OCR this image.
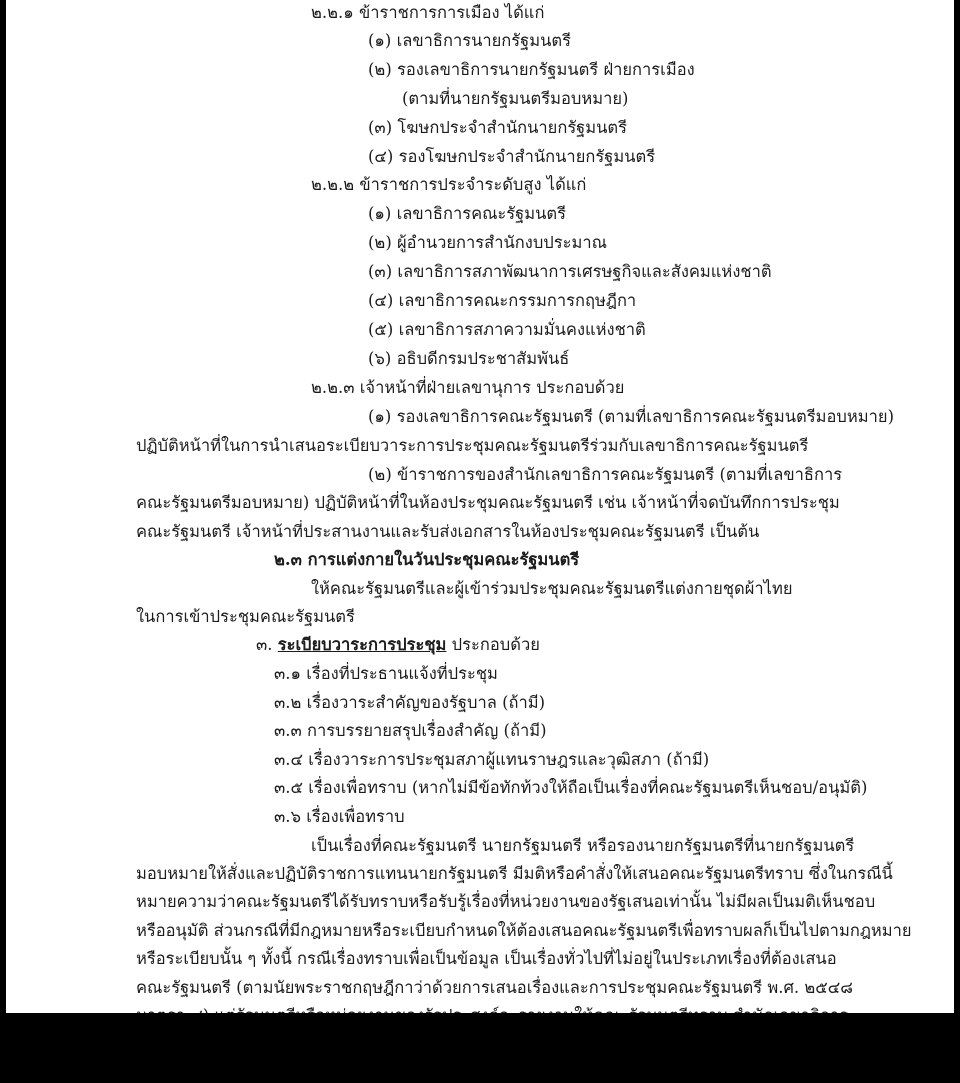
๒.๒.๑ ข้าราชการการเมือง ได้แก่
(๑) เลขาธิการนายกรัฐมนตรี
(๒) รองเลขาธิการนายกรัฐมนตรี ฝ่ายการเมือง
(ตามที่นายกรัฐมนตรีมอบหมาย)
(๓) โฆษกประจำสำนักนายกรัฐมนตรี
(๔) รองโฆษกประจำสำนักนายกรัฐมนตรี
๒.๒.๒ ข้าราชการประจำระดับสูง ได้แก่
(๑) เลขาธิการคณะรัฐมนตรี
(๒) ผู้อำนวยการสำนักงบประมาณ
(๓) เลขาธิการสภาพัฒนาการเศรษฐกิจและสังคมแห่งชาติ
(๔) เลขาธิการคณะกรรมการกฤษฎีกา
(๕) เลขาธิการสภาความมั่นคงแห่งชาติ
(๖) อธิบดีกรมประชาสัมพันธ์
๒.๒.๓ เจ้าหน้าที่ฝ่ายเลขานุการ ประกอบด้วย
(๑) รองเลขาธิการคณะรัฐมนตรี (ตามที่เลขาธิการคณะรัฐมนตรีมอบหมาย)
ปฏิบัติหน้าที่ในการนำเสนอระเบียบวาระการประชุมคณะรัฐมนตรีร่วมกับเลขาธิการคณะรัฐมนตรี
(๒) ข้าราชการของสำนักเลขาธิการคณะรัฐมนตรี (ตามที่เลขาธิการ
คณะรัฐมนตรีมอบหมาย) ปฏิบัติหน้าที่ในห้องประชุมคณะรัฐมนตรี เช่น เจ้าหน้าที่จดบันทึกการประชุม
คณะรัฐมนตรี เจ้าหน้าที่ประสานงานและรับส่งเอกสารในห้องประชุมคณะรัฐมนตรี เป็นต้น
๒.๓ การแต่งกายในวันประชุมคณะรัฐมนตรี
ให้คณะรัฐมนตรีและผู้เข้าร่วมประชุมคณะรัฐมนตรีแต่งกายชุดผ้าไทย
ในการเข้าประชุมคณะรัฐมนตรี
๓. ระเบียบวาระการประชุม ประกอบด้วย
๓.๑ เรื่องที่ประธานแจ้งที่ประชุม
๓.๒ เรื่องวาระสำคัญของรัฐบาล (ถ้ามี)
๓.๓ การบรรยายสรุปเรื่องสำคัญ (ถ้ามี)
๓.๔ เรื่องวาระการประชุมสภาผู้แทนราษฎรและวุฒิสภา (ถ้ามี)
๓.๕ เรื่องเพื่อทราบ (หากไม่มีข้อทักท้วงให้ถือเป็นเรื่องที่คณะรัฐมนตรีเห็นชอบ/อนุมัติ)
๓.๖ เรื่องเพื่อทราบ
เป็นเรื่องที่คณะรัฐมนตรี นายกรัฐมนตรี หรือรองนายกรัฐมนตรีที่นายกรัฐมนตรี
มอบหมายให้สั่งและปฏิบัติราชการแทนนายกรัฐมนตรี มีมติหรือคำสั่งให้เสนอคณะรัฐมนตรีทราบ ซึ่งในกรณีนี้
หมายความว่าคณะรัฐมนตรีได้รับทราบหรือรับรู้เรื่องที่หน่วยงานของรัฐเสนอเท่านั้น ไม่มีผลเป็นมติเห็นชอบ
หรืออนุมัติ ส่วนกรณีที่มีกฎหมายหรือระเบียบกำหนดให้ต้องเสนอคณะรัฐมนตรีเพื่อทราบผลก็เป็นไปตามกฎหมาย
หรือระเบียบนั้น ๆ ทั้งนี้ กรณีเรื่องทราบเพื่อเป็นข้อมูล เป็นเรื่องทั่วไปที่ไม่อยู่ในประเภทเรื่องที่ต้องเสนอ
คณะรัฐมนตรี (ตามนัยพระราชกฤษฎีกาว่าด้วยการเสนอเรื่องและการประชุมคณะรัฐมนตรี พ.ศ. ๒๕๔๘
